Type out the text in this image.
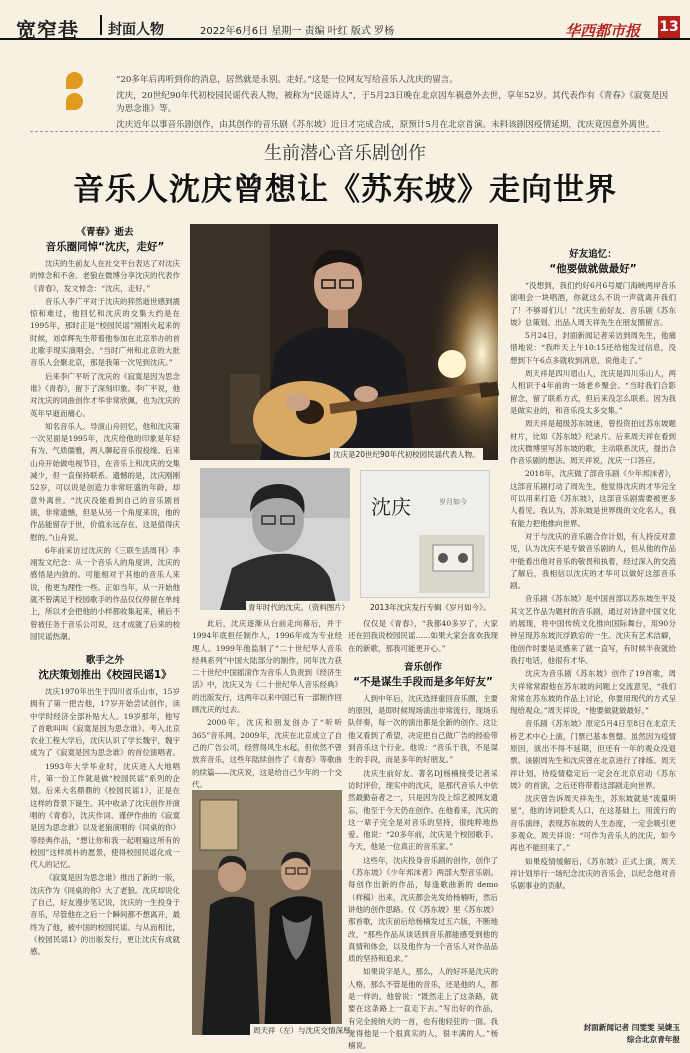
宽窄巷 封面人物	2022年6月6日 星期一 责编 叶红 版式 罗杨	华西都市报 13

“20多年后再听到你的消息，居然就是永别。走好。”这是一位网友写给音乐人沈庆的留言。

沈庆，20世纪90年代初校园民谣代表人物，被称为“民谣诗人”，于5月23日晚在北京因车祸意外去世，享年52岁。其代表作有《青春》《寂寞是因为思念谁》等。

沈庆近年以事音乐剧创作，由其创作的音乐剧《苏东坡》近日才完成合成，原预计5月在北京首演。未料该剧因疫情延期，沈庆竟因意外离世。

生前潜心音乐剧创作
音乐人沈庆曾想让《苏东坡》走向世界
《青春》逝去
音乐圈同悼“沈庆，走好”

沈庆的生前友人在社交平台表达了对沈庆的悼念和不舍。老狼在微博分享沈庆的代表作《青春》，发文悼念：“沈庆，走好。”

音乐人李广平对于沈庆的猝然逝世感到震惊和难过，他回忆和沈庆的交集大约是在1995年，那时正是“校园民谣”刚刚火起来的时候，刘卓辉先生带着他参加在北京举办的首北歌手现实演唱会。“当时广州和北京的大批音乐人会聚北京，那是我第一次见到沈庆。”

后来李广平听了沈庆的《寂寞是因为思念谁》《青春》，留下了深刻印象。李广平说，他对沈庆的词曲创作才华非常欣佩，也为沈庆的英年早逝而痛心。

知名音乐人、导演山舟回忆，他和沈庆第一次见面是1995年，沈庆给他的印象是年轻有为、气质儒雅，两人聊起音乐很投缘。后来山舟开始做电视节目，在音乐上和沈庆的交集减少，但一直保持联系。遗憾的是，沈庆刚刚52岁，可以说是创造力非常旺盛的年龄，却意外离世。“沈庆没能看到自己的音乐剧首演，非常遗憾，但是从另一个角度来说，他的作品能留存于世，价值永远存在，这是值得庆慰的。”山舟说。

6年前采访过沈庆的《三联生活周刊》李翊发文纪念：从一个音乐人的角度讲，沈庆的感悟是内敛的。可能相对于其他的音乐人来说，他更为理性一些。正如当年，从一开始他就不曾满足于校园歌手的作品仅仅停留在单纯上，所以才会把他的小样都收集起来，稍后不曾被任务于音乐公司说，这才成就了后来的校园民谣热潮。

歌手之外
沈庆策划推出《校园民谣1》

沈庆1970年出生于四川省乐山市，15岁拥有了第一把吉他，17岁开始尝试创作，读中学时经济全部补贴大人。19岁那年，他写了首歌叫叫《寂寞是因为思念谁》。考入北京农业工程大学后，沈庆认识了学长魏宇，魏宇成为了《寂寞是因为思念谁》的首位演唱者。

1993年大学毕业时，沈庆进入大地唱片，第一份工作就是做“校园民谣”系列的企划。后来大名鼎鼎的《校园民谣1》，正是在这样的背景下诞生。其中收录了沈庆创作并演唱的《青春》，沈庆作词、谨伊作曲的《寂寞是因为思念谁》以及老狼演唱的《同桌的你》等经典作品，“想让你和我一起唱遍这所有的校园”这样质朴的愿景，使得校园民谣化成一代人的记忆。

《寂寞是因为思念谁》推出了新的一版，沈庆作为《同桌的你》大了老狼。沈庆却说化了自己，好友漫步笔记说，沈庆的一生投身于音乐，尽管他在之后一个瞬间都不想离开，最终为了他，被中国的校园民谣。与从而相比，《校园民谣1》的出版发行，更让沈庆有成就感。

沈庆是20世纪90年代初校园民谣代表人物。
青年时代的沈庆。（资料图片）
沈庆	岁月如今
2013年沈庆发行专辑《岁月如今》。

此后，沈庆逐渐从台前走向幕后，并于1994年底担任制作人，1996年成为专业经理人。1999年他监制了“二十世纪华人音乐经典系列”中国大陆部分的制作，同年沈力获二十世纪中国摇滚作为音乐人负责到《经济生活》中，沈庆又为《二十世纪华人音乐经典》的出版发行，这两年以来中国已有一部制作回顾沈庆的过去。

2000年，沈庆和朋友创办了“听听365”音乐网。2009年，沈庆在北京成立了自己的广告公司，经营得风生水起，但依然不曾放弃音乐，这些年陆续创作了《青春》等歌曲的续篇——沈庆说，这是给自己少年的一个交代。

周天祥（左）与沈庆交情深厚。

仅仅是《青春》，“我都40多岁了，大家还在回我说校园民谣……如果大家会喜欢我现在的新歌，那我可能更开心。”

音乐创作
“不是谋生手段而是多年好友”

人到中年后，沈庆选择重回音乐圈，主要的原因，是即时候现场演出非常流行，现场乐队伴奏，每一次的演出都是全新的创作。这让他又看到了希望，决定把自己做广告的经验带到音乐这个行业。他说：“音乐于我，不是谋生的手段，而是多年的好朋友。”

沈庆生前好友、著名DJ杨楠接受记者采访时评价，现实中的沈庆，是那代音乐人中依然最勤奋者之一，只是因为没上综艺被网友遗忘，他至于今天仍在创作。在他看来，沈庆的这一辈子完全是对音乐的坚持，很纯粹地热爱。他说：“20多年前，沈庆是个校园歌手。今天，他是一位真正的音乐家。”

这些年，沈庆投身音乐剧的创作，创作了《苏东坡》《少年邦沫者》两部大型音乐剧。每创作出新的作品，每逢歌曲新的 demo（样稿）出来，沈庆都会先发给杨楠听，然后讲他的创作思路。仅《苏东坡》里《苏东坡》那首歌，沈庆前后给杨楠发过五六版，不断地改，“那些作品从谈话到音乐都能感受到他的真情和体会，以及他作为一个音乐人对作品品质的坚持和追求。”

如果说字是人，那么，人的好坏是沈庆的人格，那么不管是他的音乐，还是他的人，都是一样的。他曾说：“既然走上了这条路，就要在这条路上一直走下去。”写出好的作品，有完全接纳大的一首，也有他轻狂的一面。我觉得他是一个很真实的人，很丰满的人。”杨楠说。

好友追忆：
“他要做就做最好”

“没想到，我们约好6月6号厦门海峡两岸音乐演唱会一块唱酒，你就这么不说一声就离开我们了！不够哥们儿！”沈庆生前好友、音乐剧《苏东坡》总策划、出品人周天祥先生在朋友圈留言。

5月24日，封面新闻记者采访到周先生，他痛惜地说：“我昨天上午10:15还给他发过信息，没想到下午6点多就收到消息，说他走了。”

周天祥是四川眉山人，沈庆是四川乐山人，两人相识于4年前的一场老乡聚会。“当时我们合影留念，留了联系方式，但后来没怎么联系。因为我是做实业的，和音乐没太多交集。”

周天祥是超级苏东坡迷，曾投资拍过苏东坡题材片，比如《苏东坡》纪录片。后来周天祥在看到沈庆微博里写苏东坡的歌，主动联系沈庆，提出合作音乐剧的想法。周天祥说，沈庆一口答应。

2018年，沈庆做了部音乐剧《少年邦沫者》，这部音乐剧打动了周先生，他觉得沈庆的才华完全可以用来打造《苏东坡》，这部音乐剧需要被更多人看见。我认为，苏东坡是世界级的文化名人，我有能力把他推向世界。

对于与沈庆的音乐剧合作计划，有人持反对意见，认为沈庆不是专做音乐剧的人，但从他的作品中能看出他对音乐的敬畏和执着，经过深入的交流了解后，我相信以沈庆的才华可以做好这部音乐剧。

音乐剧《苏东坡》是中国首部以苏东坡生平及其文艺作品为题材的音乐剧，通过对诗意中国文化的展现，将中国传统文化推向国际舞台，用90分钟呈现苏东坡沉浮跌宕的一生。沈庆有艺术洁癖，他创作时要是灵感来了就一直写，有时候半夜就给我打电话，他很有才华。

沈庆为音乐剧《苏东坡》创作了19首歌，周天祥常常跟他在苏东坡的问题上交流意见，“我们常常在苏东坡的作品上讨论，你要用现代的方式呈现给观众。”周天祥说，“他要做就做最好。”

音乐剧《苏东坡》原定5月4日至8日在北京天桥艺术中心上演，门票已基本售罄。虽然因为疫情原因，演出不得不延期，但还有一年的观众没退票。该剧周先生和沈庆曾在北京进行了排练。周天祥计划，待疫情稳定后一定会在北京启动《苏东坡》的首演，之后还将带着这部剧走向世界。

沈庆曾告诉周天祥先生，苏东坡就是“流量明星”，他的诗词脍炙人口，在这基础上，用流行的音乐演绎，表现苏东坡的人生态度，一定会吸引更多观众。周天祥说：“可作为音乐人的沈庆，如今再也不能回来了。”

如果疫情缓解后，《苏东坡》正式上演，周天祥计划举行一场纪念沈庆的音乐会，以纪念他对音乐剧事业的贡献。

封面新闻记者 闫雯雯 吴婕玉
综合北京青年报
